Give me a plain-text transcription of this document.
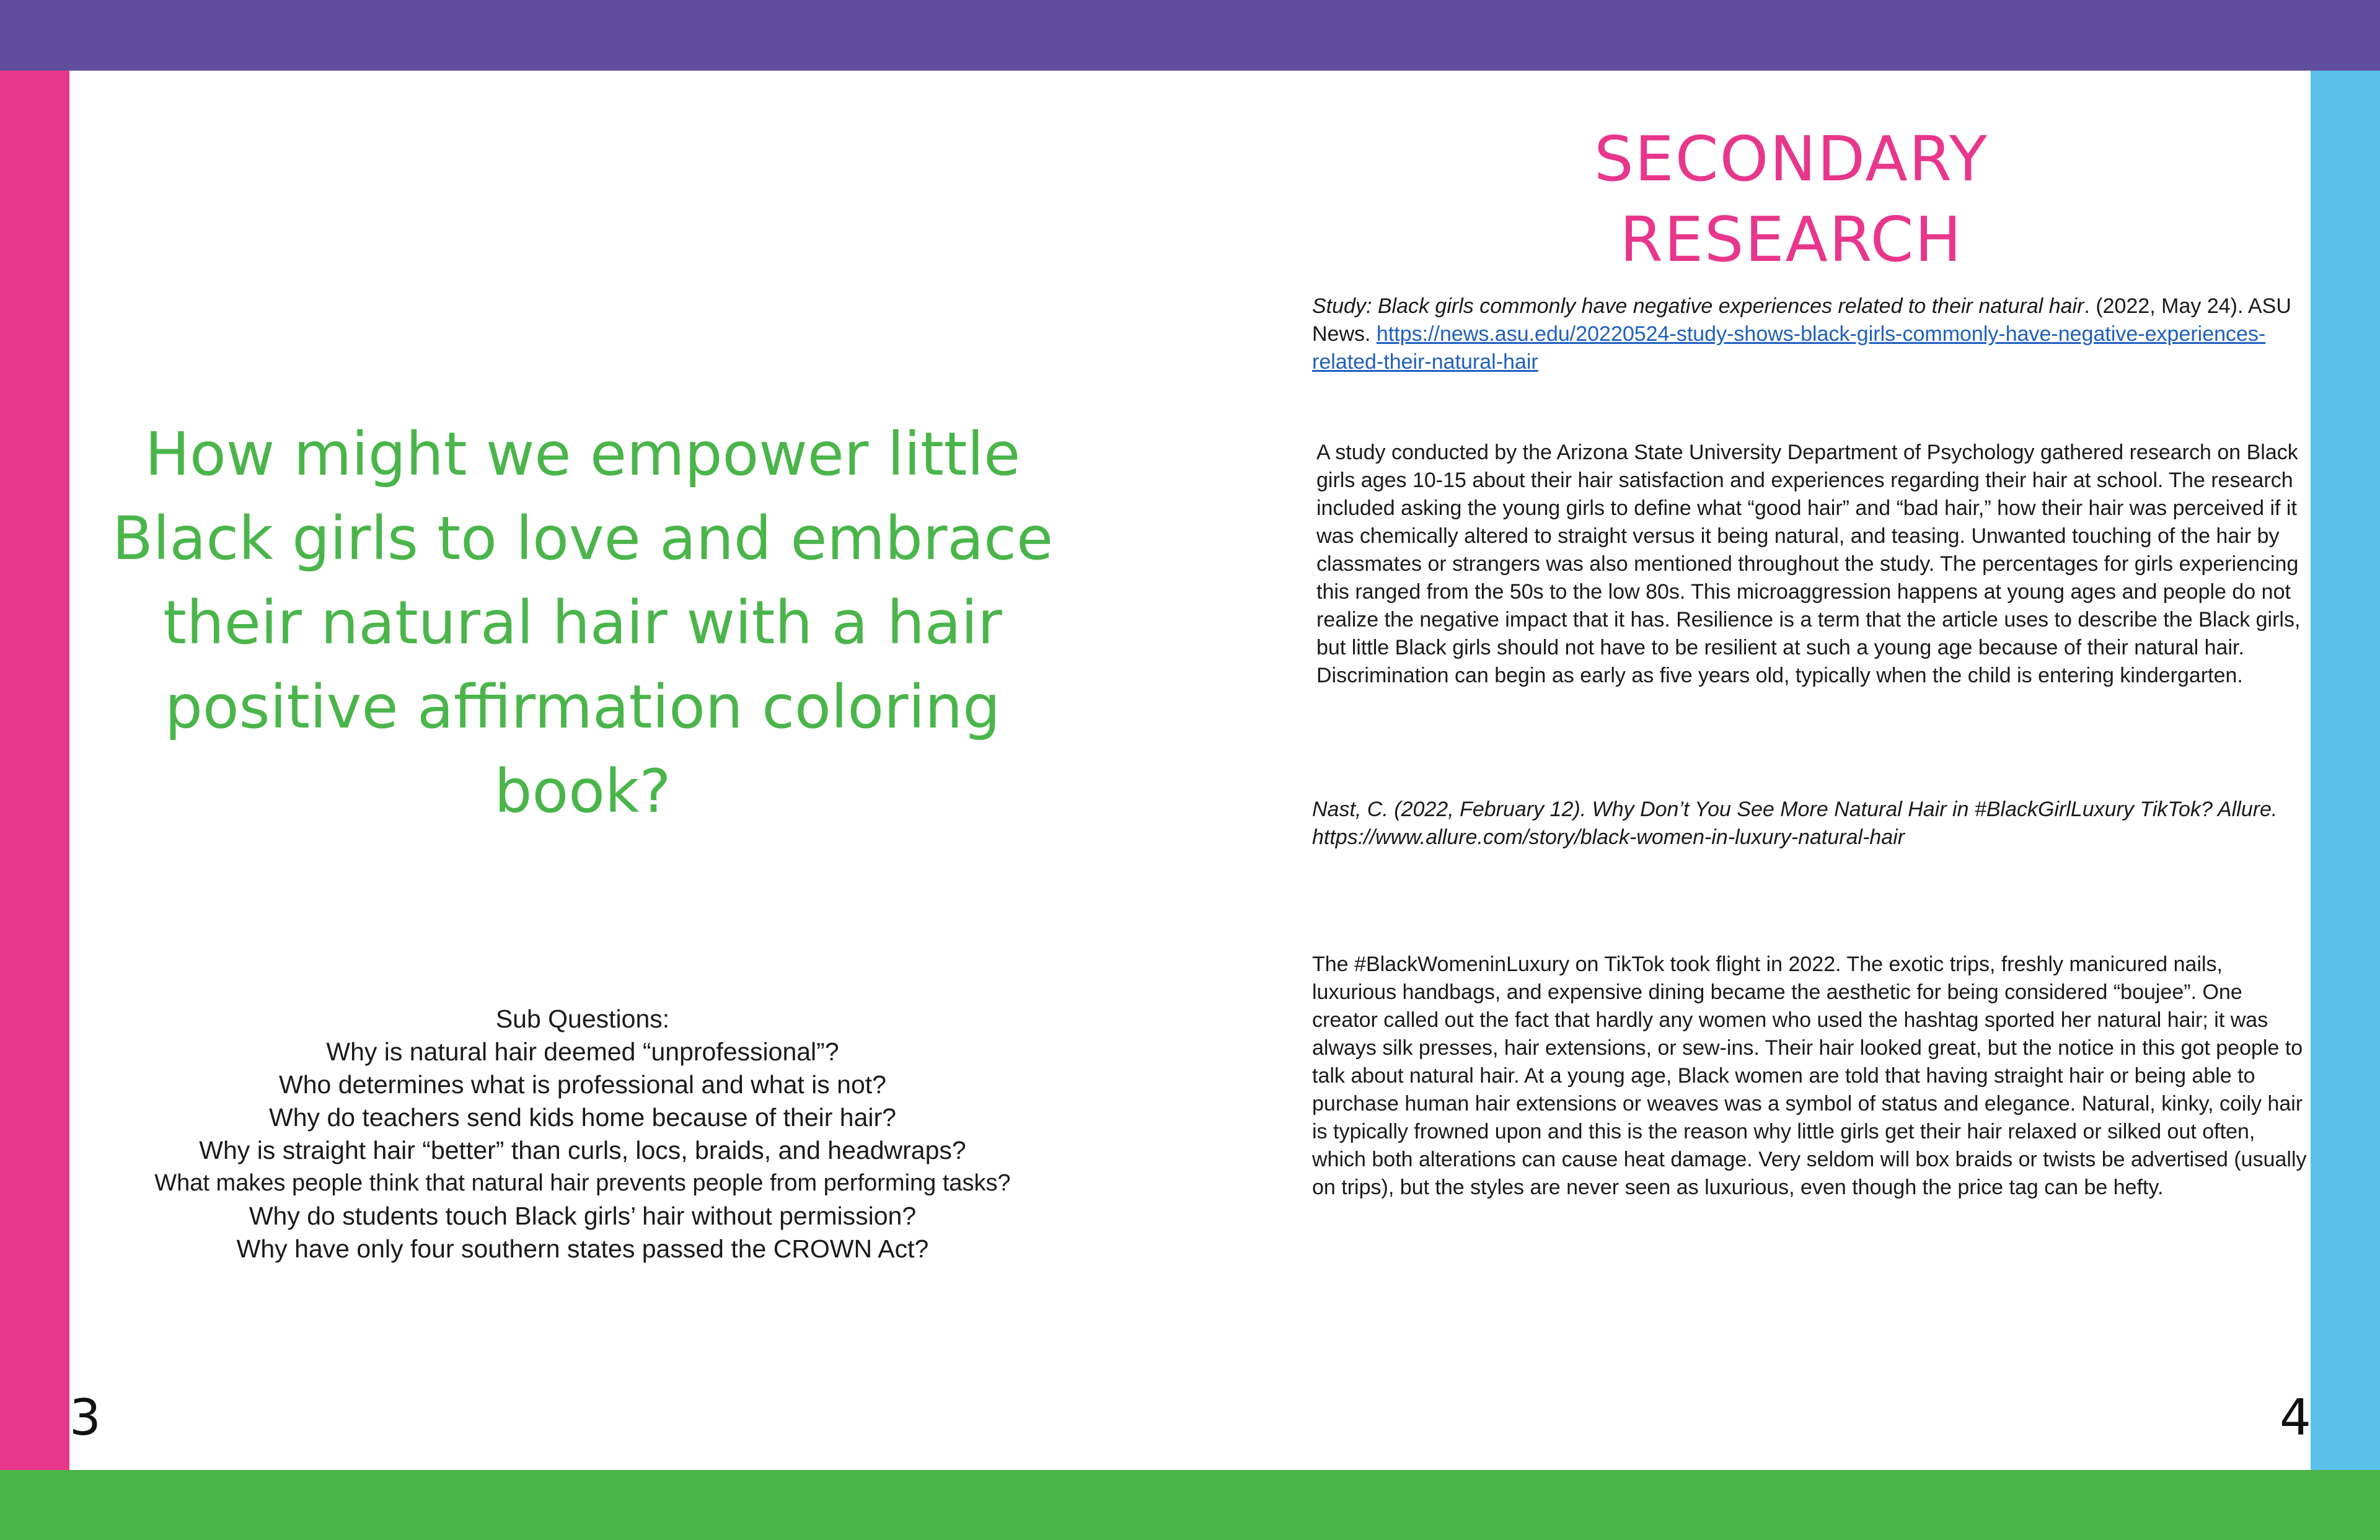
How might we empower little Black girls to love and embrace their natural hair with a hair positive affirmation coloring book?
Sub Questions:
Why is natural hair deemed “unprofessional”?
Who determines what is professional and what is not?
Why do teachers send kids home because of their hair?
Why is straight hair “better” than curls, locs, braids, and headwraps?
What makes people think that natural hair prevents people from performing tasks?
Why do students touch Black girls’ hair without permission?
Why have only four southern states passed the CROWN Act?
3
SECONDARY RESEARCH
Study: Black girls commonly have negative experiences related to their natural hair. (2022, May 24). ASU News. https://news.asu.edu/20220524-study-shows-black-girls-commonly-have-negative-experiences-related-their-natural-hair
A study conducted by the Arizona State University Department of Psychology gathered research on Black girls ages 10-15 about their hair satisfaction and experiences regarding their hair at school. The research included asking the young girls to define what “good hair” and “bad hair,” how their hair was perceived if it was chemically altered to straight versus it being natural, and teasing. Unwanted touching of the hair by classmates or strangers was also mentioned throughout the study. The percentages for girls experiencing this ranged from the 50s to the low 80s. This microaggression happens at young ages and people do not realize the negative impact that it has. Resilience is a term that the article uses to describe the Black girls, but little Black girls should not have to be resilient at such a young age because of their natural hair. Discrimination can begin as early as five years old, typically when the child is entering kindergarten.
Nast, C. (2022, February 12). Why Don’t You See More Natural Hair in #BlackGirlLuxury TikTok? Allure. https://www.allure.com/story/black-women-in-luxury-natural-hair
The #BlackWomeninLuxury on TikTok took flight in 2022. The exotic trips, freshly manicured nails, luxurious handbags, and expensive dining became the aesthetic for being considered “boujee”. One creator called out the fact that hardly any women who used the hashtag sported her natural hair; it was always silk presses, hair extensions, or sew-ins. Their hair looked great, but the notice in this got people to talk about natural hair. At a young age, Black women are told that having straight hair or being able to purchase human hair extensions or weaves was a symbol of status and elegance. Natural, kinky, coily hair is typically frowned upon and this is the reason why little girls get their hair relaxed or silked out often, which both alterations can cause heat damage. Very seldom will box braids or twists be advertised (usually on trips), but the styles are never seen as luxurious, even though the price tag can be hefty.
4
